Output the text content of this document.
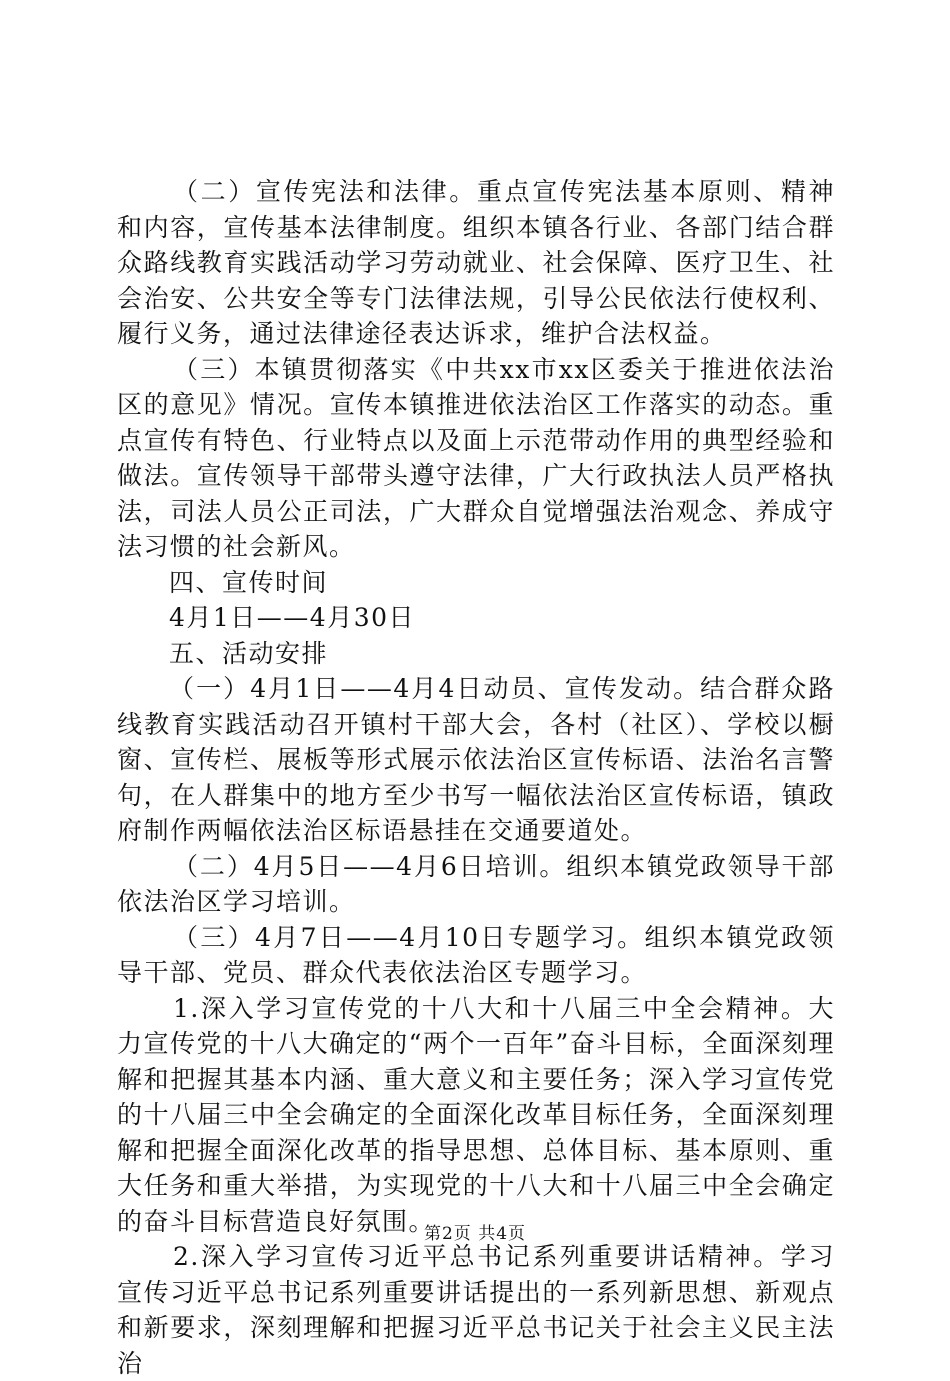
（二）宣传宪法和法律。重点宣传宪法基本原则、精神和内容，宣传基本法律制度。组织本镇各行业、各部门结合群众路线教育实践活动学习劳动就业、社会保障、医疗卫生、社会治安、公共安全等专门法律法规，引导公民依法行使权利、履行义务，通过法律途径表达诉求，维护合法权益。

（三）本镇贯彻落实《中共xx市xx区委关于推进依法治区的意见》情况。宣传本镇推进依法治区工作落实的动态。重点宣传有特色、行业特点以及面上示范带动作用的典型经验和做法。宣传领导干部带头遵守法律，广大行政执法人员严格执法，司法人员公正司法，广大群众自觉增强法治观念、养成守法习惯的社会新风。

四、宣传时间

4月1日——4月30日

五、活动安排

（一）4月1日——4月4日动员、宣传发动。结合群众路线教育实践活动召开镇村干部大会，各村（社区）、学校以橱窗、宣传栏、展板等形式展示依法治区宣传标语、法治名言警句，在人群集中的地方至少书写一幅依法治区宣传标语，镇政府制作两幅依法治区标语悬挂在交通要道处。

（二）4月5日——4月6日培训。组织本镇党政领导干部依法治区学习培训。

（三）4月7日——4月10日专题学习。组织本镇党政领导干部、党员、群众代表依法治区专题学习。

1.深入学习宣传党的十八大和十八届三中全会精神。大力宣传党的十八大确定的“两个一百年”奋斗目标，全面深刻理解和把握其基本内涵、重大意义和主要任务；深入学习宣传党的十八届三中全会确定的全面深化改革目标任务，全面深刻理解和把握全面深化改革的指导思想、总体目标、基本原则、重大任务和重大举措，为实现党的十八大和十八届三中全会确定的奋斗目标营造良好氛围。

2.深入学习宣传习近平总书记系列重要讲话精神。学习宣传习近平总书记系列重要讲话提出的一系列新思想、新观点和新要求，深刻理解和把握习近平总书记关于社会主义民主法治

第2页 共4页
